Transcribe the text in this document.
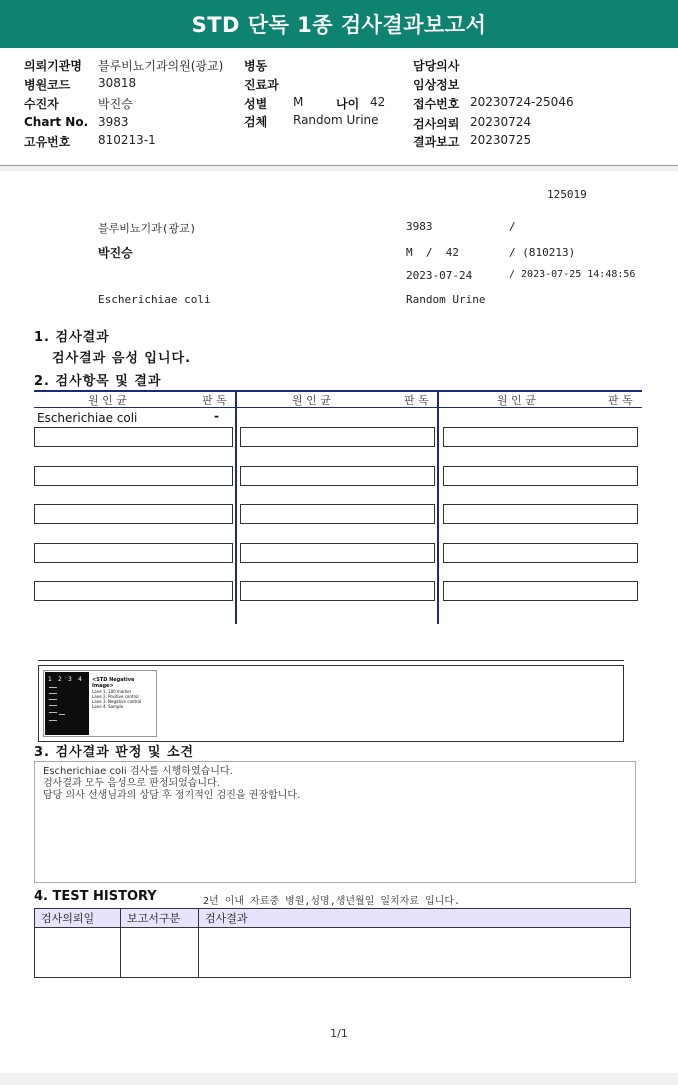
STD 단독 1종 검사결과보고서
의뢰기관명 블루비뇨기과의원(광교)
병원코드 30818
수진자	박진승
Chart No. 3983
고유번호 810213-1
병동
진료과
성별 M	나이 42
검체 Random Urine
담당의사
임상정보
접수번호 20230724-25046
검사의뢰 20230724
결과보고 20230725
125019
블루비뇨기과(광교)	3983	/
박진승	M  /  42	/ (810213)
2023-07-24	/ 2023-07-25 14:48:56
Escherichiae coli	Random Urine
1. 검사결과
검사결과 음성 입니다.
2. 검사항목 및 결과
원 인 균	판 독	원 인 균	판 독	원 인 균	판 독
Escherichiae coli	-
1 2 3 4 <STD Negative Image>
Lane 1. 100 marker
Lane 2. Positive control
Lane 3. Negative control
Lane 4. Sample
3. 검사결과 판정 및 소견
Escherichiae coli 검사를 시행하였습니다.
검사결과 모두 음성으로 판정되었습니다.
담당 의사 선생님과의 상담 후 정기적인 검진을 권장합니다.
4. TEST HISTORY	2년 이내 자료중 병원,성명,생년월일 일치자료 입니다.
검사의뢰일	보고서구분	검사결과

1/1
